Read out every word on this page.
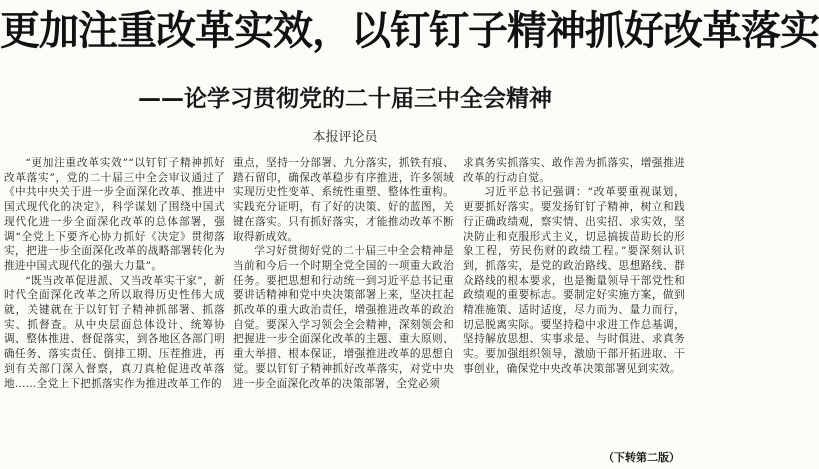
更加注重改革实效，以钉钉子精神抓好改革落实
——论学习贯彻党的二十届三中全会精神
本报评论员

“更加注重改革实效”“以钉钉子精神抓好改革落实”，党的二十届三中全会审议通过了《中共中央关于进一步全面深化改革、推进中国式现代化的决定》，科学谋划了围绕中国式现代化进一步全面深化改革的总体部署，强调“全党上下要齐心协力抓好《决定》贯彻落实，把进一步全面深化改革的战略部署转化为推进中国式现代化的强大力量”。

“既当改革促进派、又当改革实干家”，新时代全面深化改革之所以取得历史性伟大成就，关键就在于以钉钉子精神抓部署、抓落实、抓督查。从中央层面总体设计、统筹协调、整体推进、督促落实，到各地区各部门明确任务、落实责任、倒排工期、压茬推进，再到有关部门深入督察，真刀真枪促进改革落地……全党上下把抓落实作为推进改革工作的

重点，坚持一分部署、九分落实，抓铁有痕、踏石留印，确保改革稳步有序推进，许多领域实现历史性变革、系统性重塑、整体性重构。实践充分证明，有了好的决策、好的蓝图，关键在落实。只有抓好落实，才能推动改革不断取得新成效。

学习好贯彻好党的二十届三中全会精神是当前和今后一个时期全党全国的一项重大政治任务。要把思想和行动统一到习近平总书记重要讲话精神和党中央决策部署上来，坚决扛起抓改革的重大政治责任，增强推进改革的政治自觉。要深入学习领会全会精神，深刻领会和把握进一步全面深化改革的主题、重大原则、重大举措、根本保证，增强推进改革的思想自觉。要以钉钉子精神抓好改革落实，对党中央进一步全面深化改革的决策部署，全党必须

求真务实抓落实、敢作善为抓落实，增强推进改革的行动自觉。

习近平总书记强调：“改革要重视谋划，更要抓好落实。要发扬钉钉子精神，树立和践行正确政绩观，察实情、出实招、求实效，坚决防止和克服形式主义，切忌搞拔苗助长的形象工程，劳民伤财的政绩工程。”要深刻认识到，抓落实，是党的政治路线、思想路线、群众路线的根本要求，也是衡量领导干部党性和政绩观的重要标志。要制定好实施方案，做到精准施策、适时适度，尽力而为、量力而行，切忌脱离实际。要坚持稳中求进工作总基调，坚持解放思想、实事求是、与时俱进、求真务实。要加强组织领导，激励干部开拓进取、干事创业，确保党中央改革决策部署见到实效。

（下转第二版）
